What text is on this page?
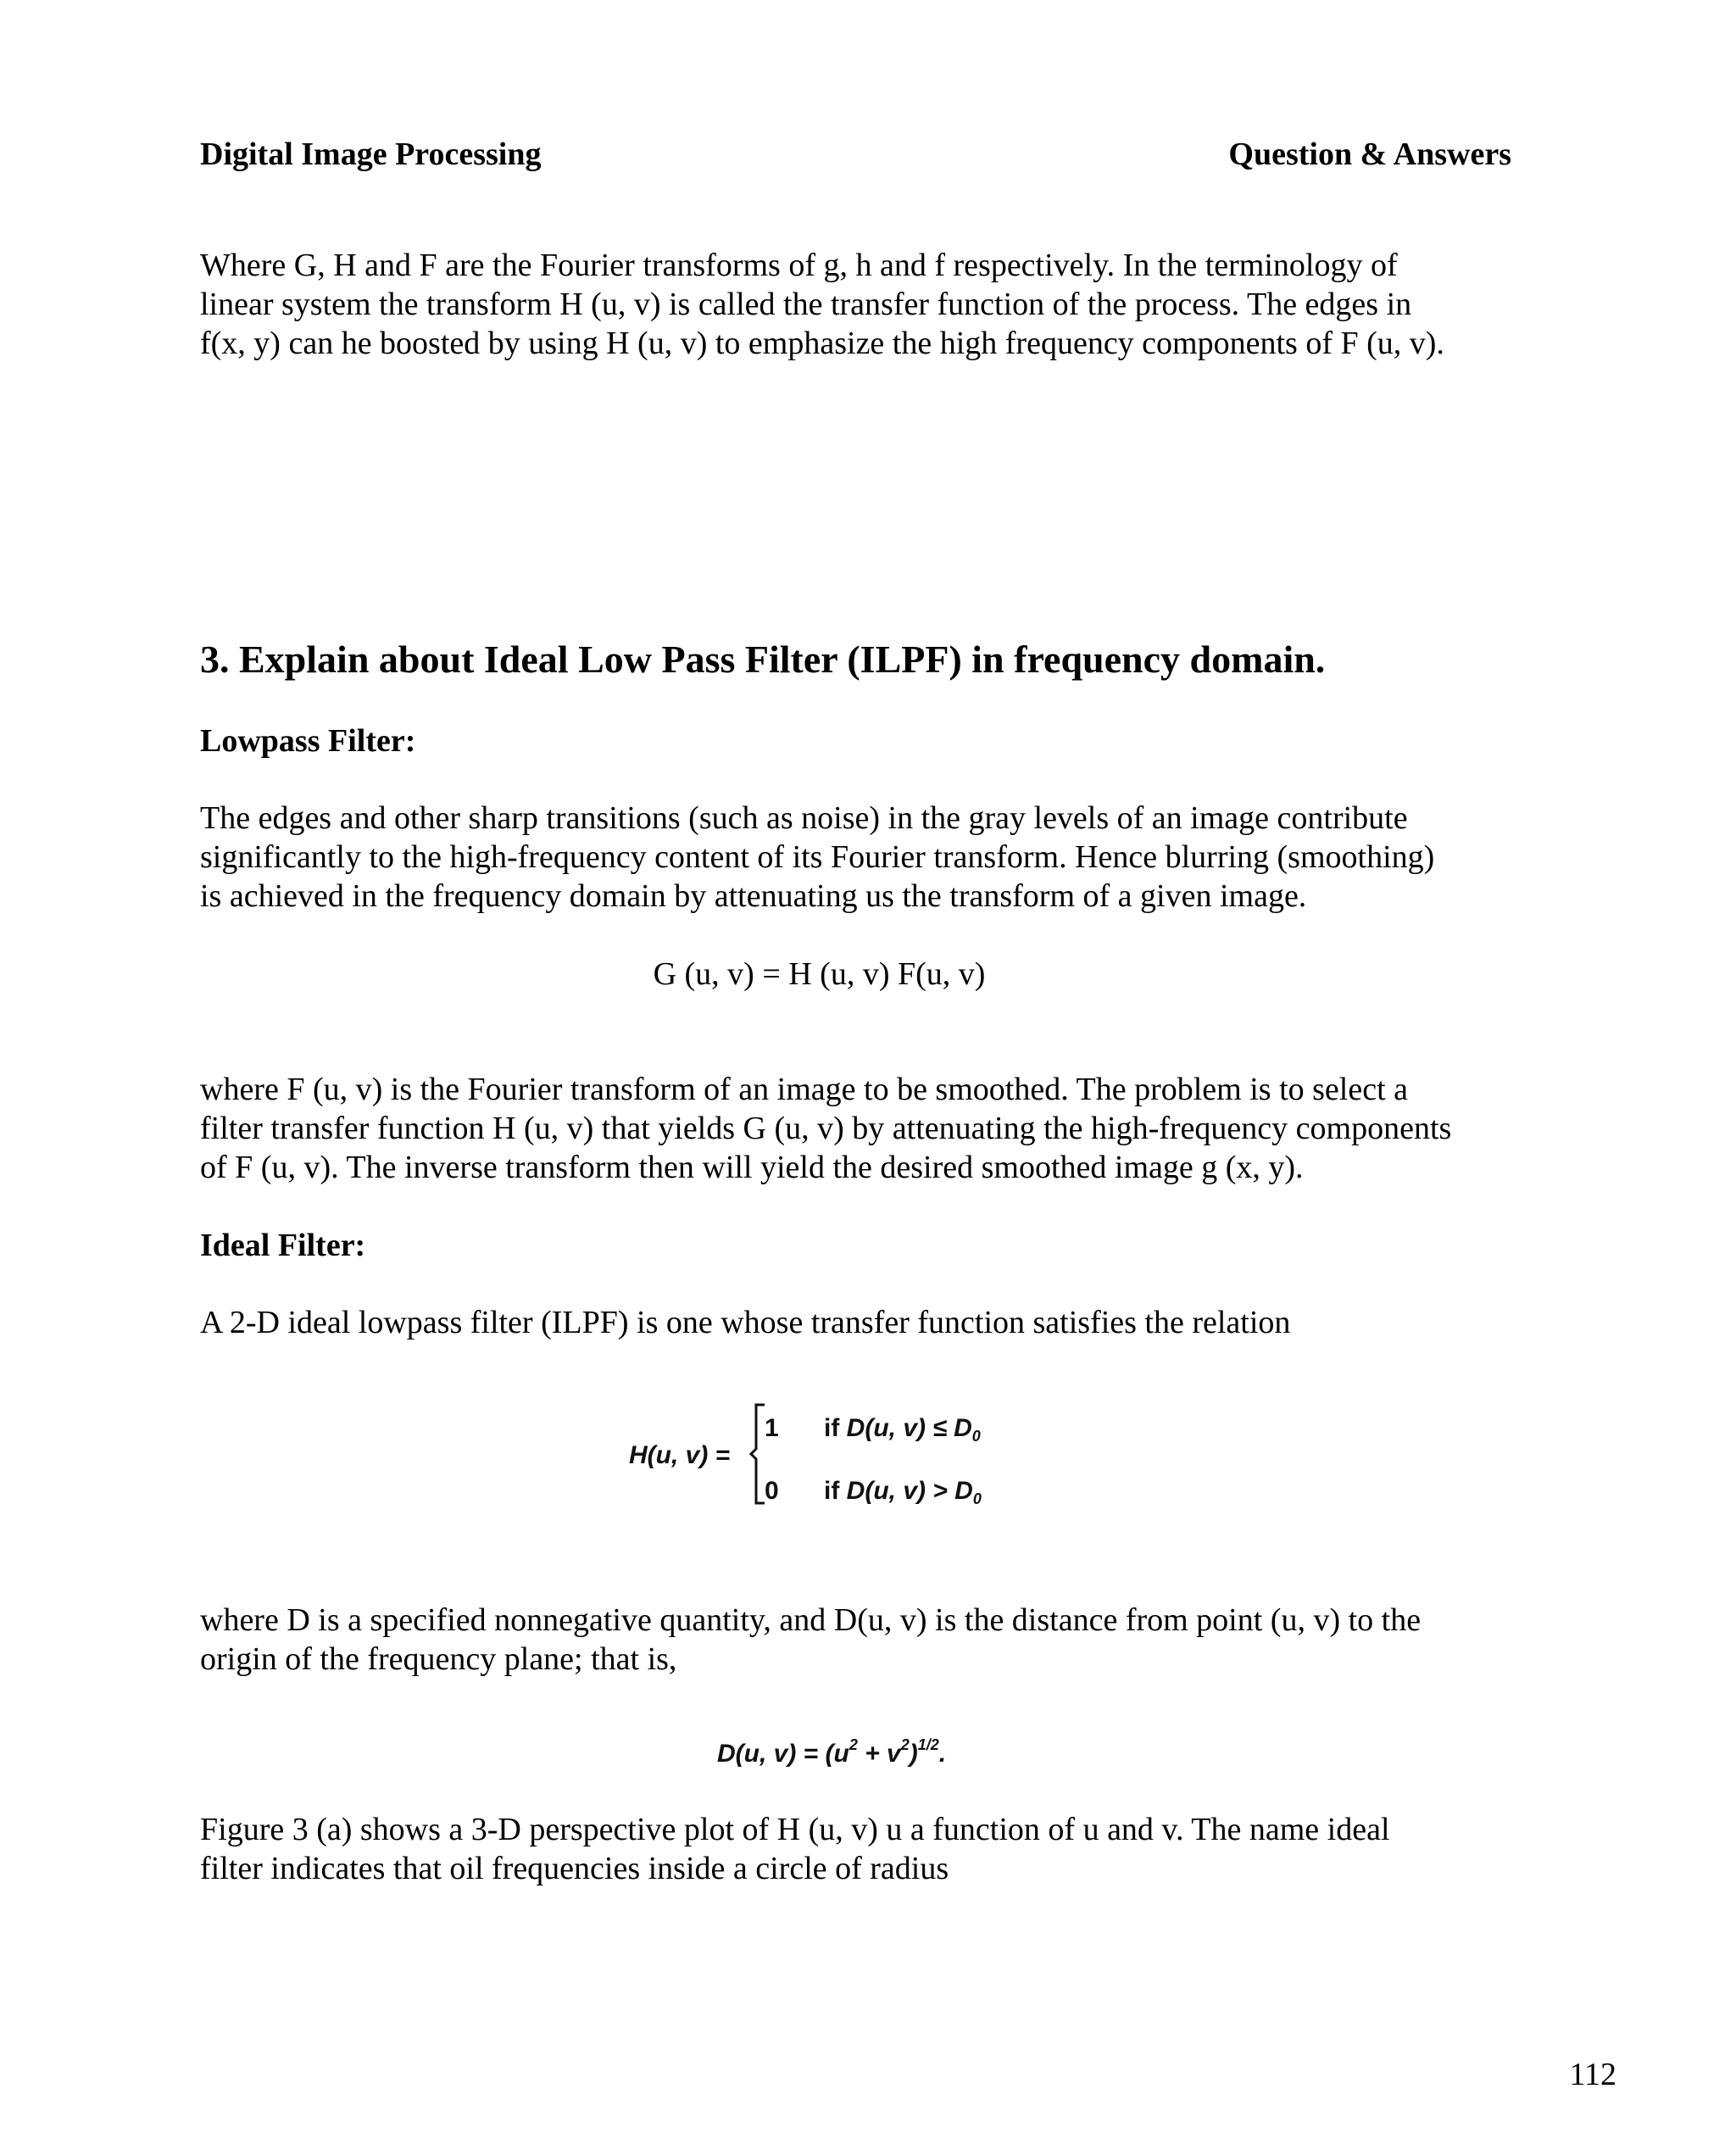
Digital Image Processing	Question & Answers
Where G, H and F are the Fourier transforms of g, h and f respectively. In the terminology of
linear system the transform H (u, v) is called the transfer function of the process. The edges in
f(x, y) can he boosted by using H (u, v) to emphasize the high frequency components of F (u, v).
3. Explain about Ideal Low Pass Filter (ILPF) in frequency domain.
Lowpass Filter:
The edges and other sharp transitions (such as noise) in the gray levels of an image contribute
significantly to the high-frequency content of its Fourier transform. Hence blurring (smoothing)
is achieved in the frequency domain by attenuating us the transform of a given image.
G (u, v) = H (u, v) F(u, v)
where F (u, v) is the Fourier transform of an image to be smoothed. The problem is to select a
filter transfer function H (u, v) that yields G (u, v) by attenuating the high-frequency components
of F (u, v). The inverse transform then will yield the desired smoothed image g (x, y).
Ideal Filter:
A 2-D ideal lowpass filter (ILPF) is one whose transfer function satisfies the relation
H(u, v) =
1
0
if D(u, $v) \le D_0$
if D(u, $v) > D_0$
where D is a specified nonnegative quantity, and D(u, v) is the distance from point (u, v) to the
origin of the frequency plane; that is,
D(u, $v) = (u^2 + v^2)^{1/2}$.
Figure 3 (a) shows a 3-D perspective plot of H (u, v) u a function of u and v. The name ideal
filter indicates that oil frequencies inside a circle of radius
112
